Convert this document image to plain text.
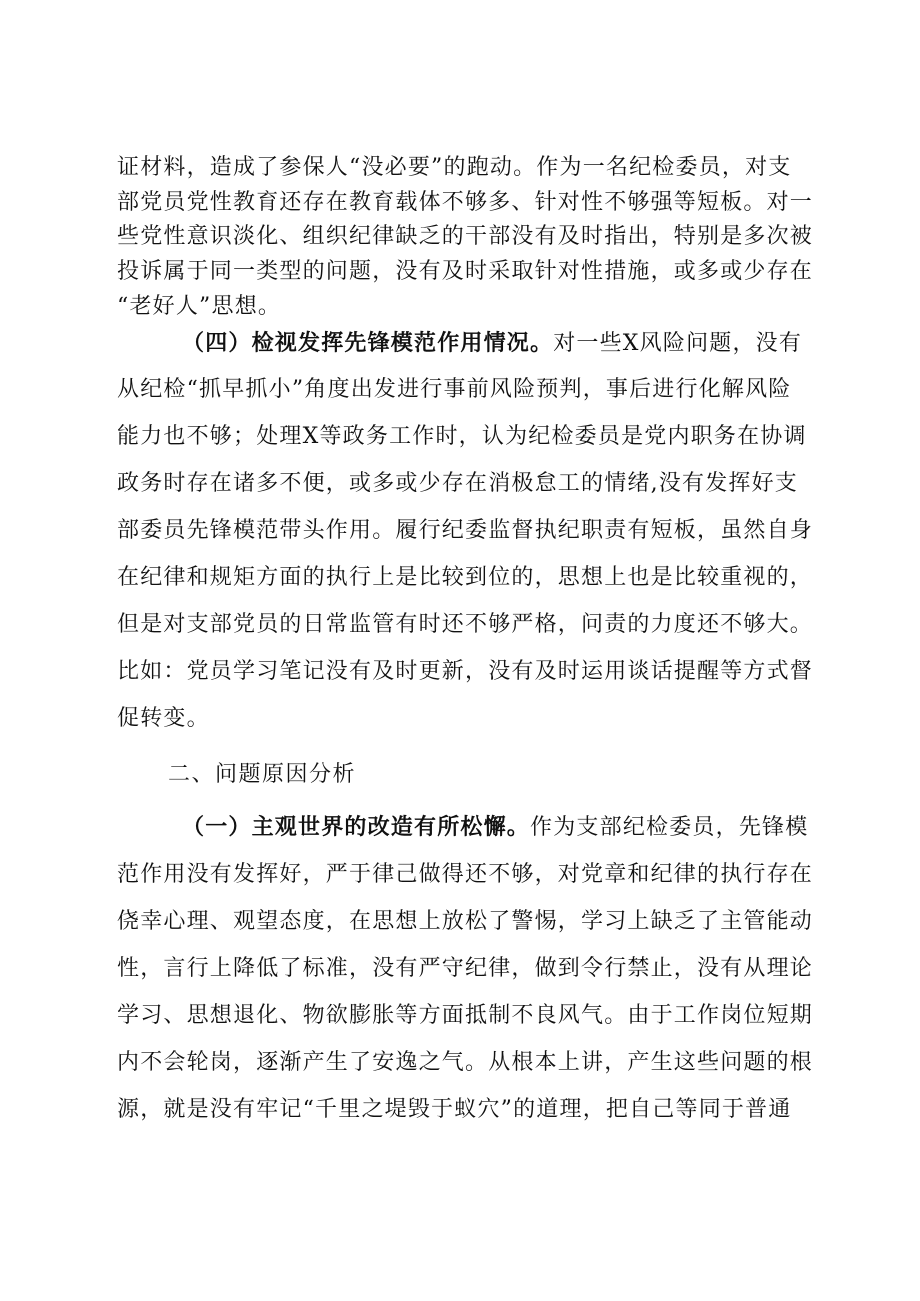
证材料，造成了参保人“没必要”的跑动。作为一名纪检委员，对支
部党员党性教育还存在教育载体不够多、针对性不够强等短板。对一
些党性意识淡化、组织纪律缺乏的干部没有及时指出，特别是多次被
投诉属于同一类型的问题，没有及时采取针对性措施，或多或少存在
“老好人”思想。
（四）检视发挥先锋模范作用情况。对一些X风险问题，没有
从纪检“抓早抓小”角度出发进行事前风险预判，事后进行化解风险
能力也不够；处理X等政务工作时，认为纪检委员是党内职务在协调
政务时存在诸多不便，或多或少存在消极怠工的情绪,没有发挥好支
部委员先锋模范带头作用。履行纪委监督执纪职责有短板，虽然自身
在纪律和规矩方面的执行上是比较到位的，思想上也是比较重视的，
但是对支部党员的日常监管有时还不够严格，问责的力度还不够大。
比如：党员学习笔记没有及时更新，没有及时运用谈话提醒等方式督
促转变。
二、问题原因分析
（一）主观世界的改造有所松懈。作为支部纪检委员，先锋模
范作用没有发挥好，严于律己做得还不够，对党章和纪律的执行存在
侥幸心理、观望态度，在思想上放松了警惕，学习上缺乏了主管能动
性，言行上降低了标准，没有严守纪律，做到令行禁止，没有从理论
学习、思想退化、物欲膨胀等方面抵制不良风气。由于工作岗位短期
内不会轮岗，逐渐产生了安逸之气。从根本上讲，产生这些问题的根
源，就是没有牢记“千里之堤毁于蚁穴”的道理，把自己等同于普通
